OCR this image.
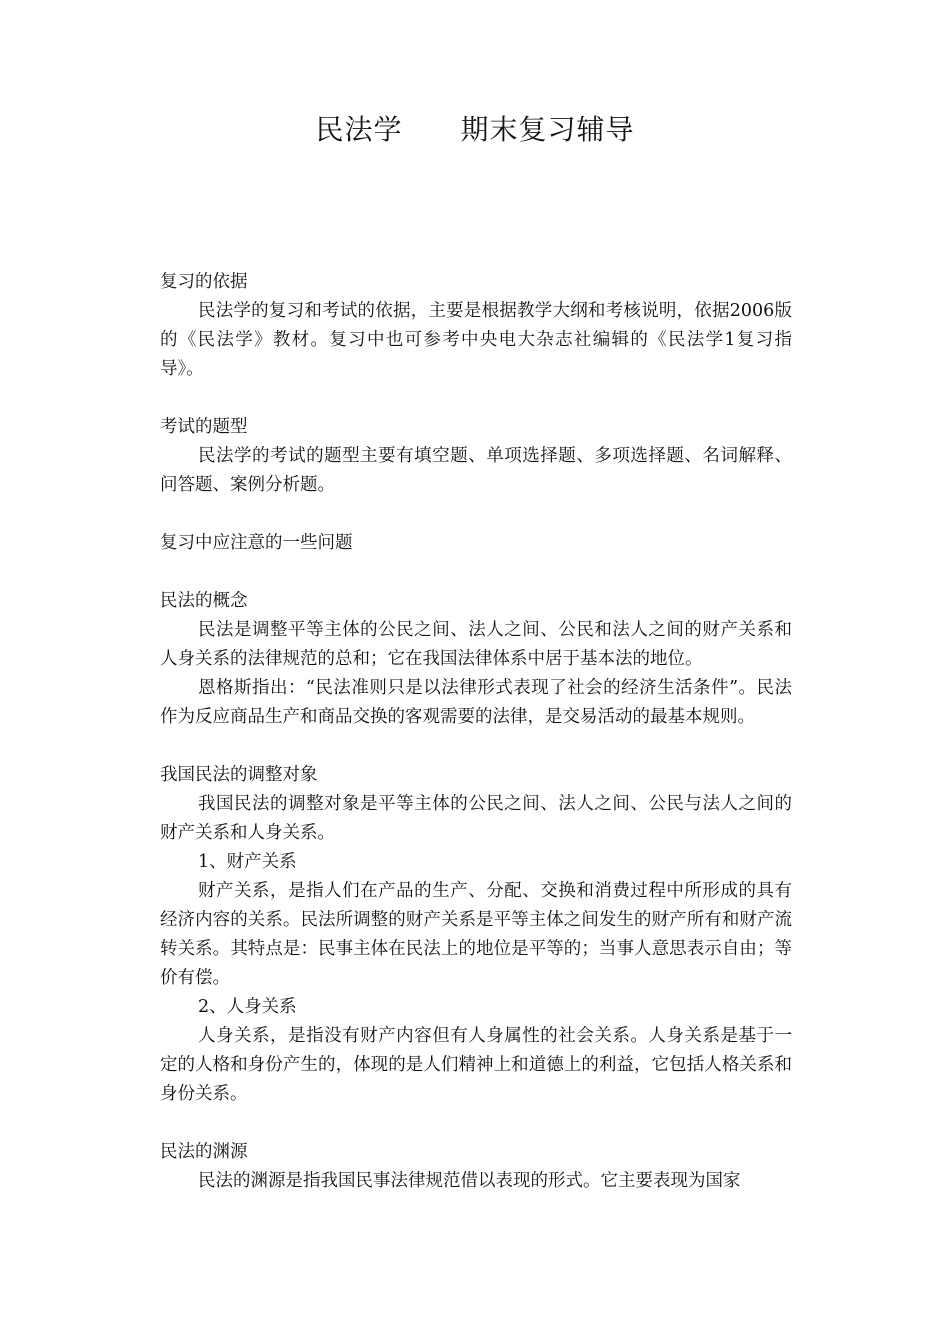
民法学　　期末复习辅导

复习的依据

民法学的复习和考试的依据，主要是根据教学大纲和考核说明，依据2006版的《民法学》教材。复习中也可参考中央电大杂志社编辑的《民法学1复习指导》。

考试的题型

民法学的考试的题型主要有填空题、单项选择题、多项选择题、名词解释、问答题、案例分析题。

复习中应注意的一些问题

民法的概念

民法是调整平等主体的公民之间、法人之间、公民和法人之间的财产关系和人身关系的法律规范的总和；它在我国法律体系中居于基本法的地位。

恩格斯指出：“民法准则只是以法律形式表现了社会的经济生活条件”。民法作为反应商品生产和商品交换的客观需要的法律，是交易活动的最基本规则。

我国民法的调整对象

我国民法的调整对象是平等主体的公民之间、法人之间、公民与法人之间的财产关系和人身关系。

1、财产关系

财产关系，是指人们在产品的生产、分配、交换和消费过程中所形成的具有经济内容的关系。民法所调整的财产关系是平等主体之间发生的财产所有和财产流转关系。其特点是：民事主体在民法上的地位是平等的；当事人意思表示自由；等价有偿。

2、人身关系

人身关系，是指没有财产内容但有人身属性的社会关系。人身关系是基于一定的人格和身份产生的，体现的是人们精神上和道德上的利益，它包括人格关系和身份关系。

民法的渊源

民法的渊源是指我国民事法律规范借以表现的形式。它主要表现为国家
